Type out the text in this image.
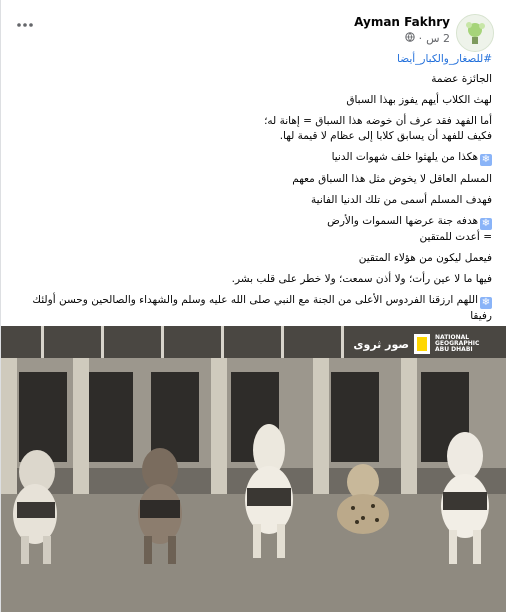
Ayman Fakhry
2 س
·

#للصغار_والكبار_أيضا

الجائزة عضمة

لهث الكلاب أيهم يفوز بهذا السباق

أما الفهد فقد عرف أن خوضه هذا السباق = إهانة له؛

فكيف للفهد أن يسابق كلابا إلى عظام لا قيمة لها.

❄هكذا من يلهثوا خلف شهوات الدنيا

المسلم العاقل لا يخوض مثل هذا السباق معهم

فهدف المسلم أسمى من تلك الدنيا الفانية

❄هدفه جنة عرضها السموات والأرض

= أعدت للمتقين

فيعمل ليكون من هؤلاء المتقين

فيها ما لا عين رأت؛ ولا أذن سمعت؛ ولا خطر على قلب بشر.

❄اللهم ارزقنا الفردوس الأعلى من الجنة مع النبي صلى الله عليه وسلم والشهداء والصالحين وحسن أولئك رفيقا

صور ثروى	NATIONAL GEOGRAPHIC ABU DHABI
